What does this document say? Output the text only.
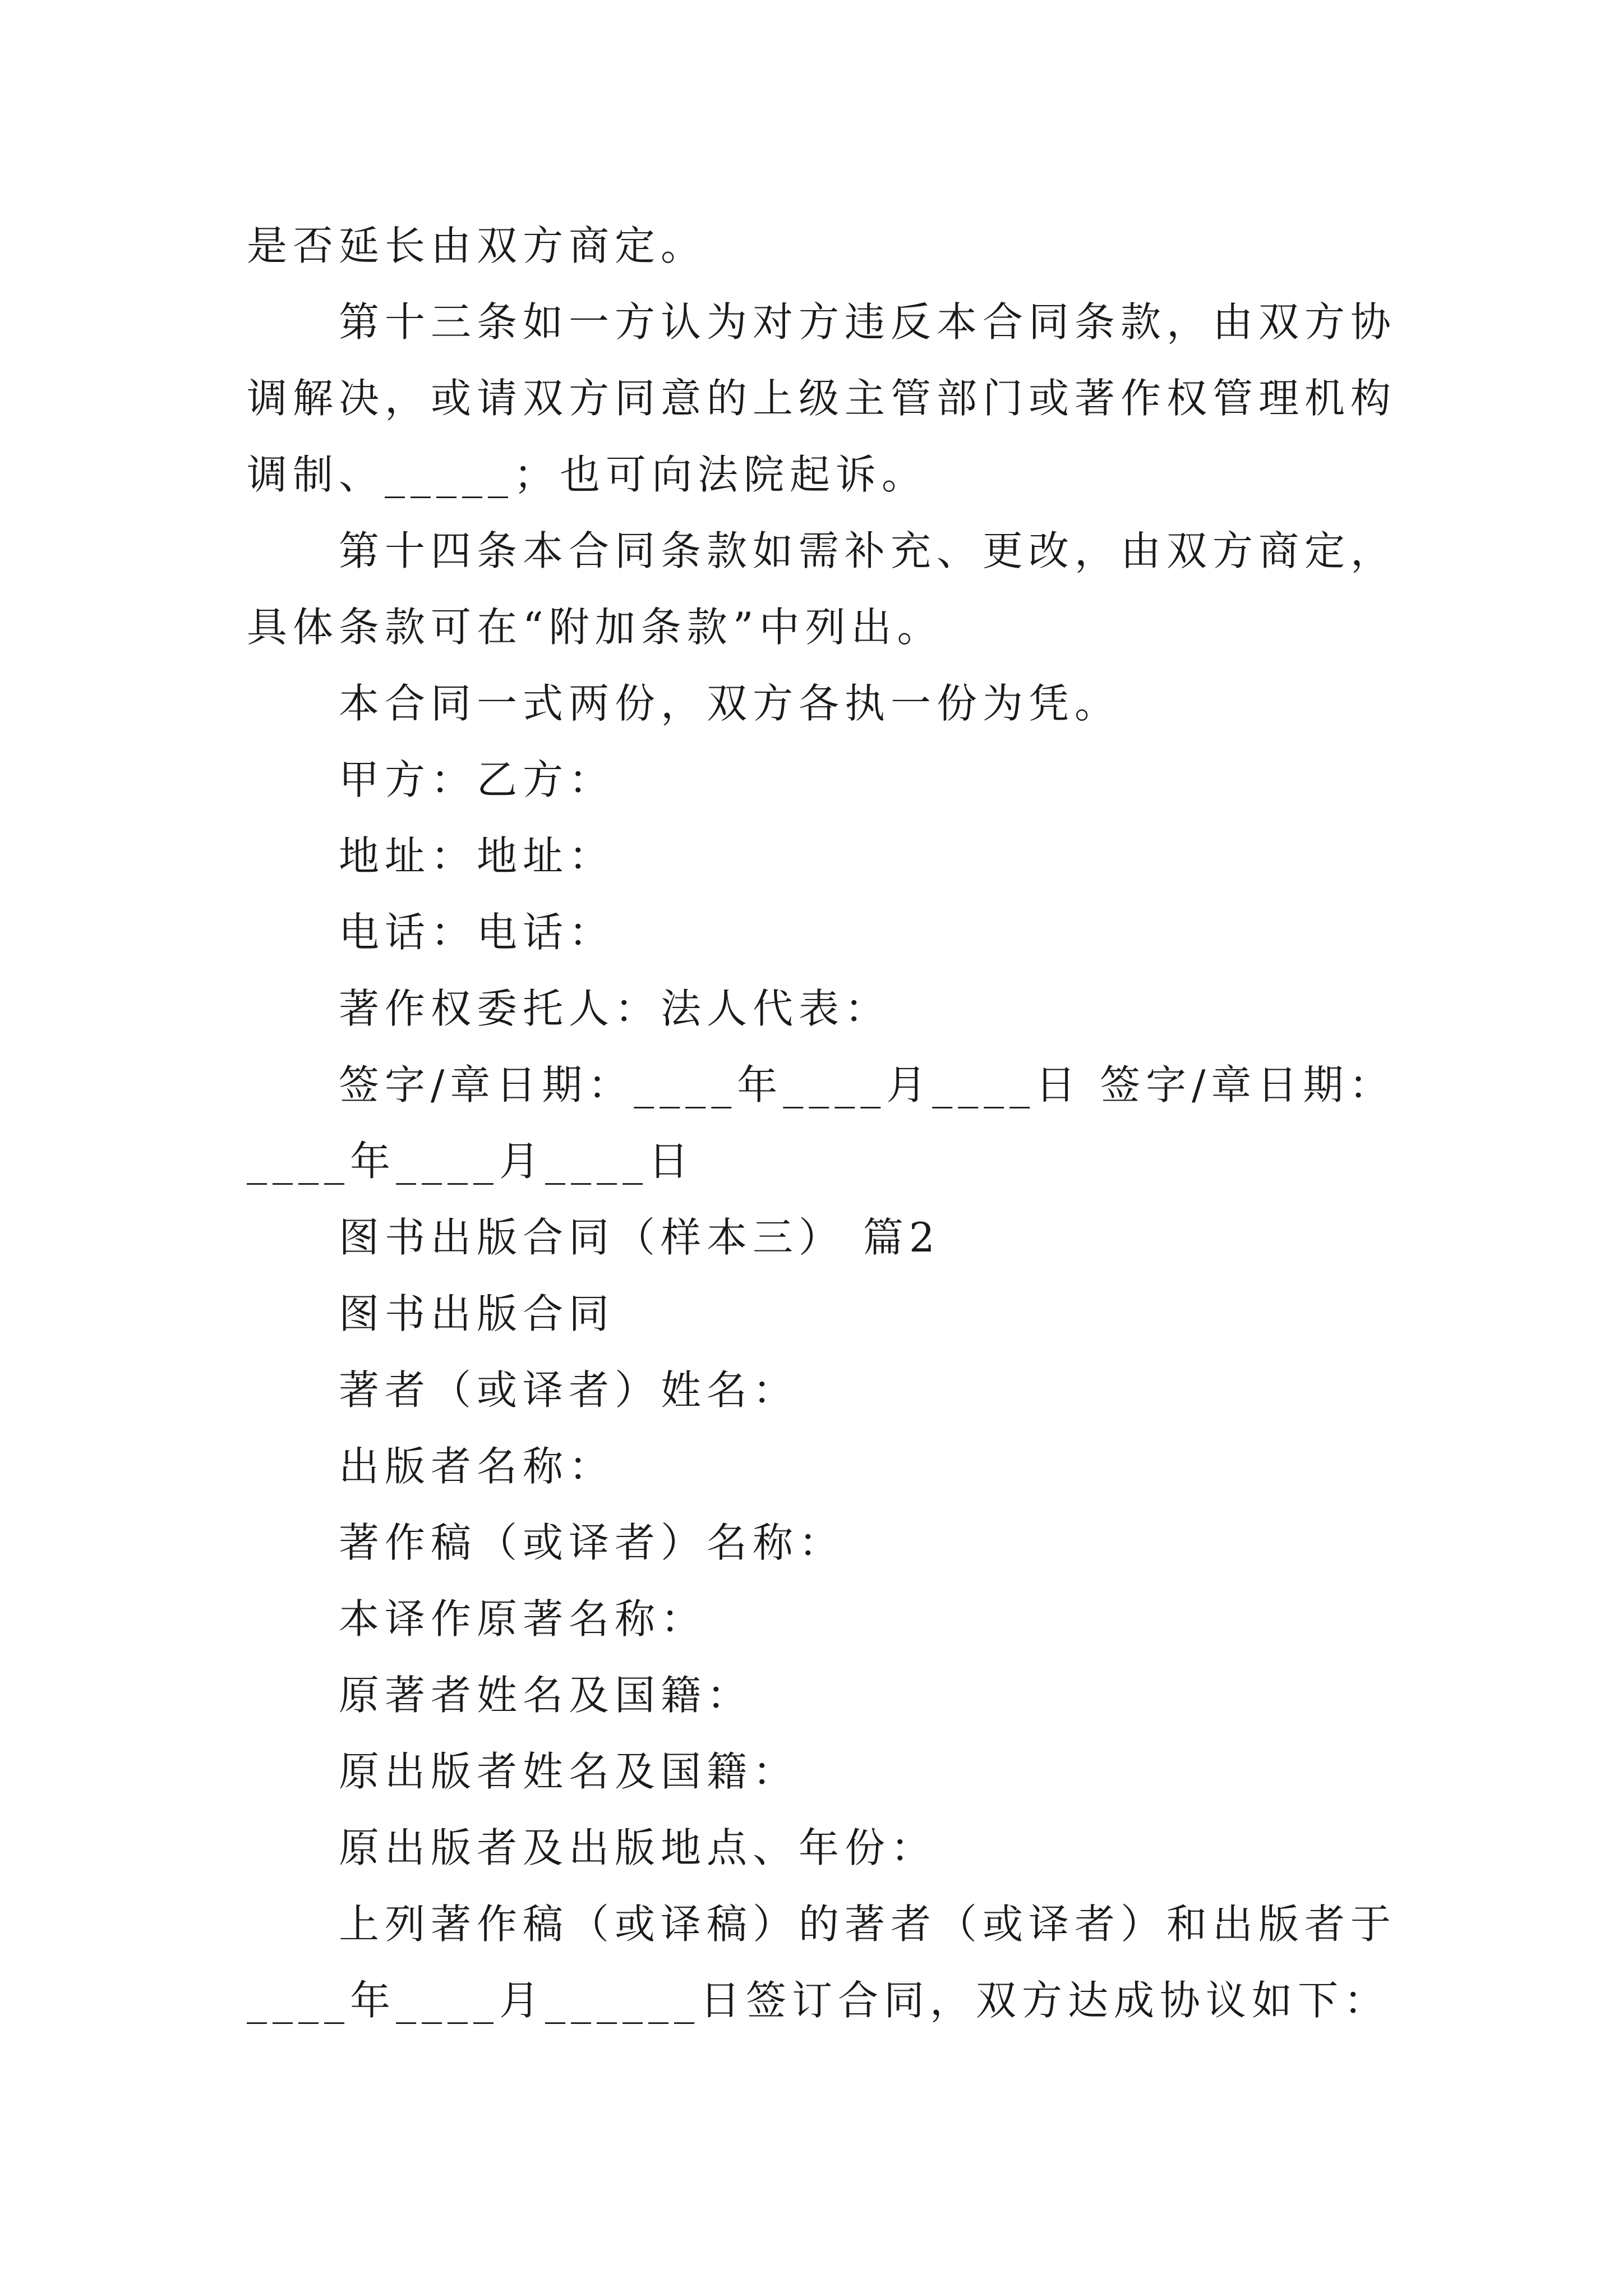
是否延长由双方商定。

第十三条如一方认为对方违反本合同条款，由双方协调解决，或请双方同意的上级主管部门或著作权管理机构调制、_____；也可向法院起诉。

第十四条本合同条款如需补充、更改，由双方商定，具体条款可在“附加条款”中列出。

本合同一式两份，双方各执一份为凭。

甲方：乙方：

地址：地址：

电话：电话：

著作权委托人：法人代表：

签字/章日期：____年____月____日 签字/章日期：____年____月____日

图书出版合同（样本三） 篇2

图书出版合同

著者（或译者）姓名：

出版者名称：

著作稿（或译者）名称：

本译作原著名称：

原著者姓名及国籍：

原出版者姓名及国籍：

原出版者及出版地点、年份：

上列著作稿（或译稿）的著者（或译者）和出版者于____年____月______日签订合同，双方达成协议如下：
